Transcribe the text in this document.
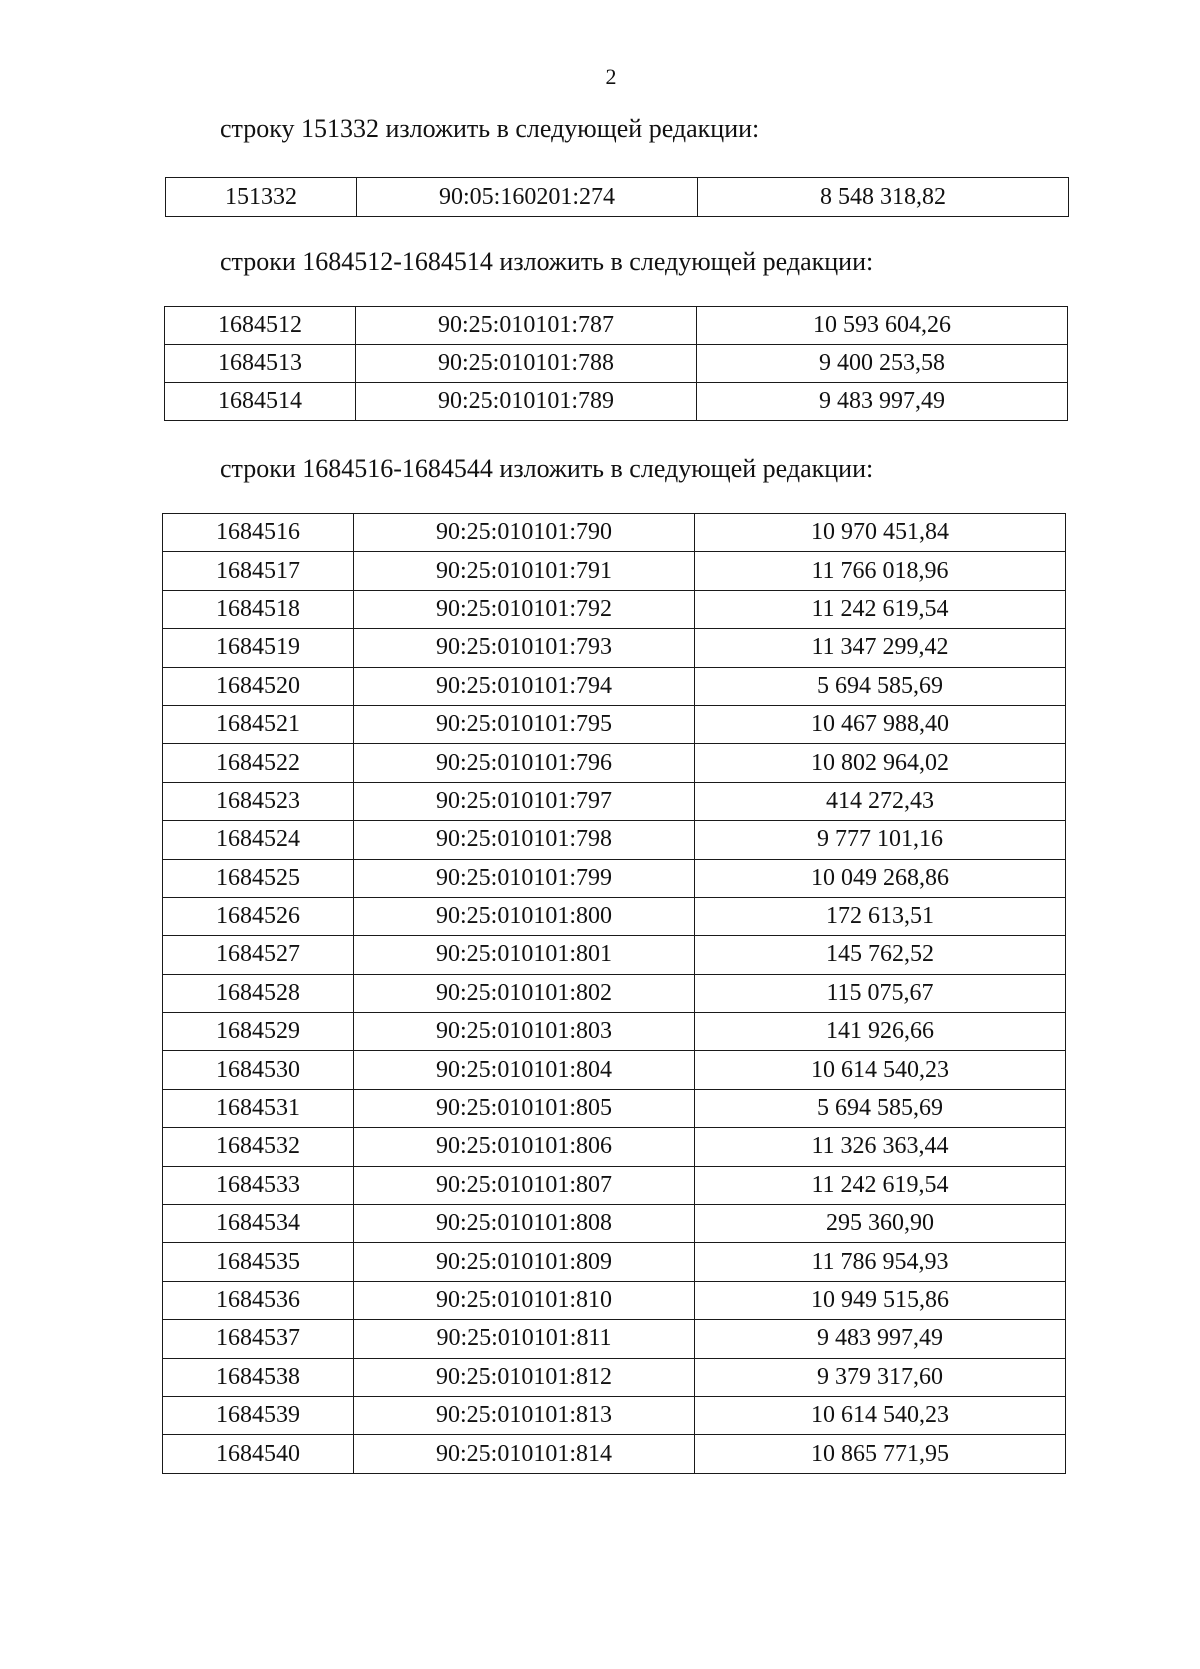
2
строку 151332 изложить в следующей редакции:
151332	90:05:160201:274	8 548 318,82
строки 1684512-1684514 изложить в следующей редакции:
1684512	90:25:010101:787	10 593 604,26
1684513	90:25:010101:788	9 400 253,58
1684514	90:25:010101:789	9 483 997,49
строки 1684516-1684544 изложить в следующей редакции:
1684516	90:25:010101:790	10 970 451,84
1684517	90:25:010101:791	11 766 018,96
1684518	90:25:010101:792	11 242 619,54
1684519	90:25:010101:793	11 347 299,42
1684520	90:25:010101:794	5 694 585,69
1684521	90:25:010101:795	10 467 988,40
1684522	90:25:010101:796	10 802 964,02
1684523	90:25:010101:797	414 272,43
1684524	90:25:010101:798	9 777 101,16
1684525	90:25:010101:799	10 049 268,86
1684526	90:25:010101:800	172 613,51
1684527	90:25:010101:801	145 762,52
1684528	90:25:010101:802	115 075,67
1684529	90:25:010101:803	141 926,66
1684530	90:25:010101:804	10 614 540,23
1684531	90:25:010101:805	5 694 585,69
1684532	90:25:010101:806	11 326 363,44
1684533	90:25:010101:807	11 242 619,54
1684534	90:25:010101:808	295 360,90
1684535	90:25:010101:809	11 786 954,93
1684536	90:25:010101:810	10 949 515,86
1684537	90:25:010101:811	9 483 997,49
1684538	90:25:010101:812	9 379 317,60
1684539	90:25:010101:813	10 614 540,23
1684540	90:25:010101:814	10 865 771,95
